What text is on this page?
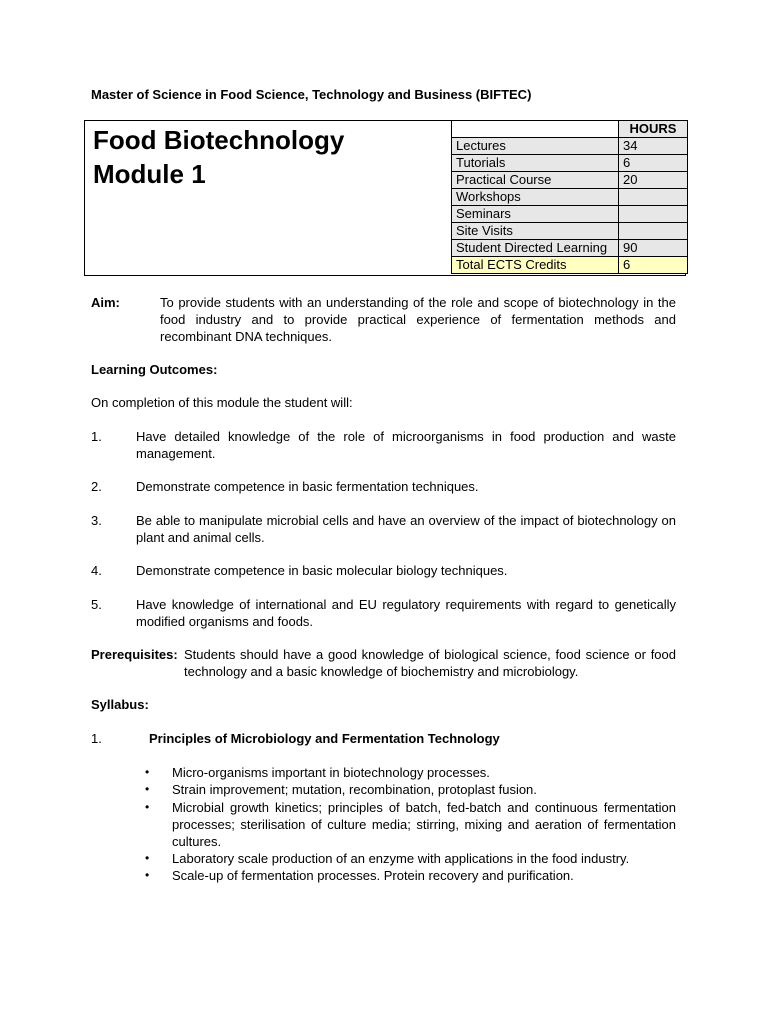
Master of Science in Food Science, Technology and Business (BIFTEC)
Food Biotechnology
Module 1
	HOURS
Lectures	34
Tutorials	6
Practical Course	20
Workshops	
Seminars	
Site Visits	
Student Directed Learning	90
Total ECTS Credits	6
Aim:	To provide students with an understanding of the role and scope of biotechnology in the food industry and to provide practical experience of fermentation methods and recombinant DNA techniques.
Learning Outcomes:
On completion of this module the student will:
1.	Have detailed knowledge of the role of microorganisms in food production and waste management.
2.	Demonstrate competence in basic fermentation techniques.
3.	Be able to manipulate microbial cells and have an overview of the impact of biotechnology on plant and animal cells.
4.	Demonstrate competence in basic molecular biology techniques.
5.	Have knowledge of international and EU regulatory requirements with regard to genetically modified organisms and foods.
Prerequisites: Students should have a good knowledge of biological science, food science or food technology and a basic knowledge of biochemistry and microbiology.
Syllabus:
1.	Principles of Microbiology and Fermentation Technology
• Micro-organisms important in biotechnology processes.
• Strain improvement; mutation, recombination, protoplast fusion.
• Microbial growth kinetics; principles of batch, fed-batch and continuous fermentation processes; sterilisation of culture media; stirring, mixing and aeration of fermentation cultures.
• Laboratory scale production of an enzyme with applications in the food industry.
• Scale-up of fermentation processes. Protein recovery and purification.
